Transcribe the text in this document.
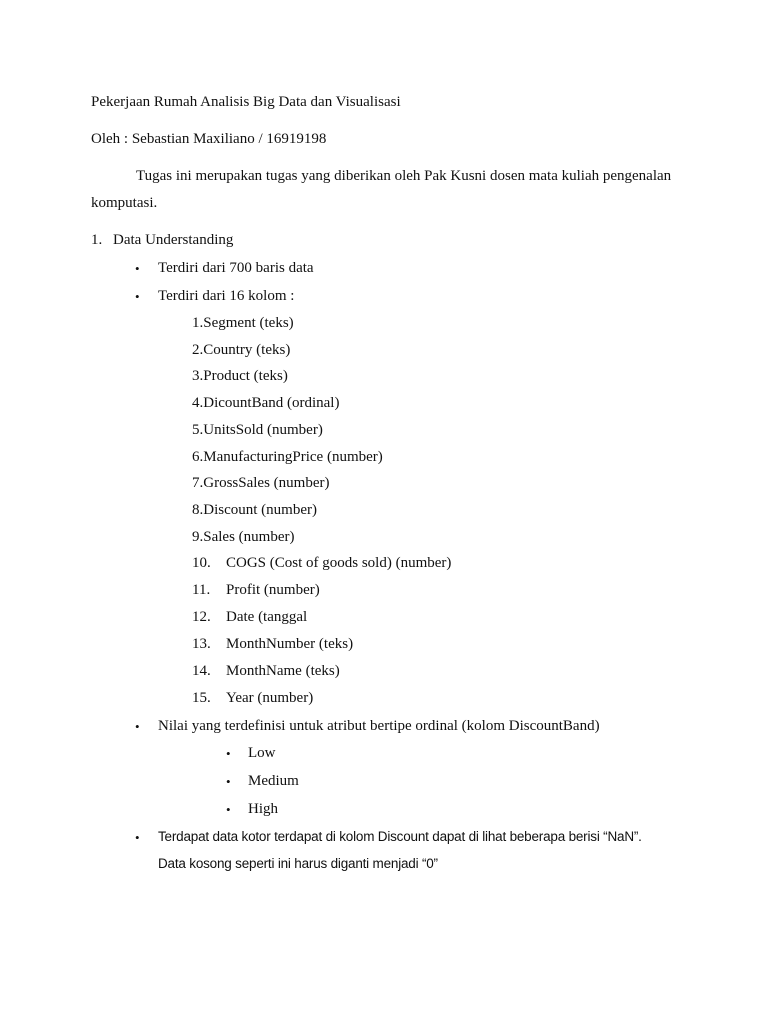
Pekerjaan Rumah Analisis Big Data dan Visualisasi
Oleh : Sebastian Maxiliano / 16919198
Tugas ini merupakan tugas yang diberikan oleh Pak Kusni dosen mata kuliah pengenalan
komputasi.
1. Data Understanding
• Terdiri dari 700 baris data
• Terdiri dari 16 kolom :
1.Segment (teks)
2.Country (teks)
3.Product (teks)
4.DicountBand (ordinal)
5.UnitsSold (number)
6.ManufacturingPrice (number)
7.GrossSales (number)
8.Discount (number)
9.Sales (number)
10. COGS (Cost of goods sold) (number)
11. Profit (number)
12. Date (tanggal
13. MonthNumber (teks)
14. MonthName (teks)
15. Year (number)
• Nilai yang terdefinisi untuk atribut bertipe ordinal (kolom DiscountBand)
• Low
• Medium
• High
• Terdapat data kotor terdapat di kolom Discount dapat di lihat beberapa berisi “NaN”.
Data kosong seperti ini harus diganti menjadi “0”
